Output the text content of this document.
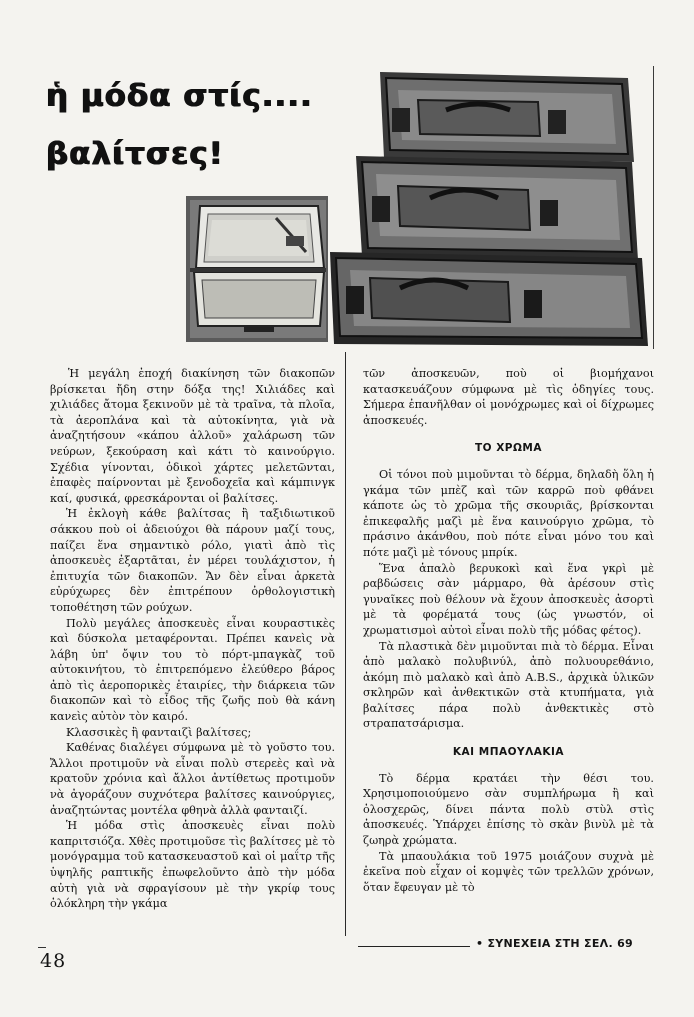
ἡ μόδα στίς....
βαλίτσες!

Ἡ μεγάλη ἐποχή διακίνηση τῶν διακοπῶν βρίσκεται ἤδη στην δόξα της! Χιλιάδες καὶ χιλιάδες ἄτομα ξεκινοῦν μὲ τὰ τραῖνα, τὰ πλοῖα, τὰ ἀεροπλάνα καὶ τὰ αὐτοκίνητα, γιὰ νὰ ἀναζητήσουν «κάπου ἀλλοῦ» χαλάρωση τῶν νεύρων, ξεκούραση καὶ κάτι τὸ καινούργιο. Σχέδια γίνονται, ὁδικοὶ χάρτες μελετῶνται, ἐπαφὲς παίρνονται μὲ ξενοδοχεῖα καὶ κάμπινγκ καί, φυσικά, φρεσκάρονται οἱ βαλίτσες.

Ἡ ἐκλογὴ κάθε βαλίτσας ἢ ταξιδιωτικοῦ σάκκου ποὺ οἱ ἀδειούχοι θὰ πάρουν μαζί τους, παίζει ἕνα σημαντικὸ ρόλο, γιατὶ ἀπὸ τὶς ἀποσκευὲς ἐξαρτᾶται, ἐν μέρει τουλάχιστον, ἡ ἐπιτυχία τῶν διακοπῶν. Ἄν δὲν εἶναι ἀρκετὰ εὐρύχωρες δὲν ἐπιτρέπουν ὀρθολογιστικὴ τοποθέτηση τῶν ρούχων.

Πολὺ μεγάλες ἀποσκευὲς εἶναι κουραστικὲς καὶ δύσκολα μεταφέρονται. Πρέπει κανεὶς νὰ λάβη ὑπ' ὄψιν του τὸ πόρτ-μπαγκὰζ τοῦ αὐτοκινήτου, τὸ ἐπιτρεπόμενο ἐλεύθερο βάρος ἀπὸ τὶς ἀεροπορικὲς ἑταιρίες, τὴν διάρκεια τῶν διακοπῶν καὶ τὸ εἶδος τῆς ζωῆς ποὺ θὰ κάνη κανεὶς αὐτὸν τὸν καιρό.

Κλασσικὲς ἢ φανταιζὶ βαλίτσες;

Καθένας διαλέγει σύμφωνα μὲ τὸ γοῦστο του. Ἄλλοι προτιμοῦν νὰ εἶναι πολὺ στερεὲς καὶ νὰ κρατοῦν χρόνια καὶ ἄλλοι ἀντίθετως προτιμοῦν νὰ ἀγοράζουν συχνότερα βαλίτσες καινούργιες, ἀναζητώντας μοντέλα φθηνὰ ἀλλὰ φανταιζί.

Ἡ μόδα στὶς ἀποσκευὲς εἶναι πολὺ καπριτσιόζα. Χθὲς προτιμοῦσε τὶς βαλίτσες μὲ τὸ μονόγραμμα τοῦ κατασκευαστοῦ καὶ οἱ μαΐτρ τῆς ὑψηλῆς ραπτικῆς ἐπωφελοῦντο ἀπὸ τὴν μόδα αὐτὴ γιὰ νὰ σφραγίσουν μὲ τὴν γκρίφ τους ὁλόκληρη τὴν γκάμα

τῶν ἀποσκευῶν, ποὺ οἱ βιομήχανοι κατασκευάζουν σύμφωνα μὲ τὶς ὁδηγίες τους. Σήμερα ἐπανῆλθαν οἱ μονόχρωμες καὶ οἱ δίχρωμες ἀποσκευές.

ΤΟ ΧΡΩΜΑ

Οἱ τόνοι ποὺ μιμοῦνται τὸ δέρμα, δηλαδὴ ὅλη ἡ γκάμα τῶν μπὲζ καὶ τῶν καρρῶ ποὺ φθάνει κάποτε ὡς τὸ χρῶμα τῆς σκουριᾶς, βρίσκονται ἐπικεφαλῆς μαζὶ μὲ ἕνα καινούργιο χρῶμα, τὸ πράσινο ἀκάνθου, ποὺ πότε εἶναι μόνο του καὶ πότε μαζὶ μὲ τόνους μπρίκ.

Ἕνα ἁπαλὸ βερυκοκὶ καὶ ἕνα γκρὶ μὲ ραβδώσεις σὰν μάρμαρο, θὰ ἀρέσουν στὶς γυναῖκες ποὺ θέλουν νὰ ἔχουν ἀποσκευὲς ἀσορτὶ μὲ τὰ φορέματά τους (ὡς γνωστόν, οἱ χρωματισμοὶ αὐτοὶ εἶναι πολὺ τῆς μόδας φέτος).

Τὰ πλαστικὰ δὲν μιμοῦνται πιὰ τὸ δέρμα. Εἶναι ἀπὸ μαλακὸ πολυβινύλ, ἀπὸ πολυουρεθάνιο, ἀκόμη πιὸ μαλακὸ καὶ ἀπὸ A.B.S., ἀρχικὰ ὑλικῶν σκληρῶν καὶ ἀνθεκτικῶν στὰ κτυπήματα, γιὰ βαλίτσες πάρα πολὺ ἀνθεκτικὲς στὸ στραπατσάρισμα.

ΚΑΙ ΜΠΑΟΥΛΑΚΙΑ

Τὸ δέρμα κρατάει τὴν θέσι του. Χρησιμοποιούμενο σὰν συμπλήρωμα ἢ καὶ ὁλοσχερῶς, δίνει πάντα πολὺ στὺλ στὶς ἀποσκευές. Ὑπάρχει ἐπίσης τὸ σκὰν βινὺλ μὲ τὰ ζωηρὰ χρώματα.

Τὰ μπαουλάκια τοῦ 1975 μοιάζουν συχνὰ μὲ ἐκεῖνα ποὺ εἶχαν οἱ κομψὲς τῶν τρελλῶν χρόνων, ὅταν ἔφευγαν μὲ τὸ

• ΣΥΝΕΧΕΙΑ ΣΤΗ ΣΕΛ. 69
48
